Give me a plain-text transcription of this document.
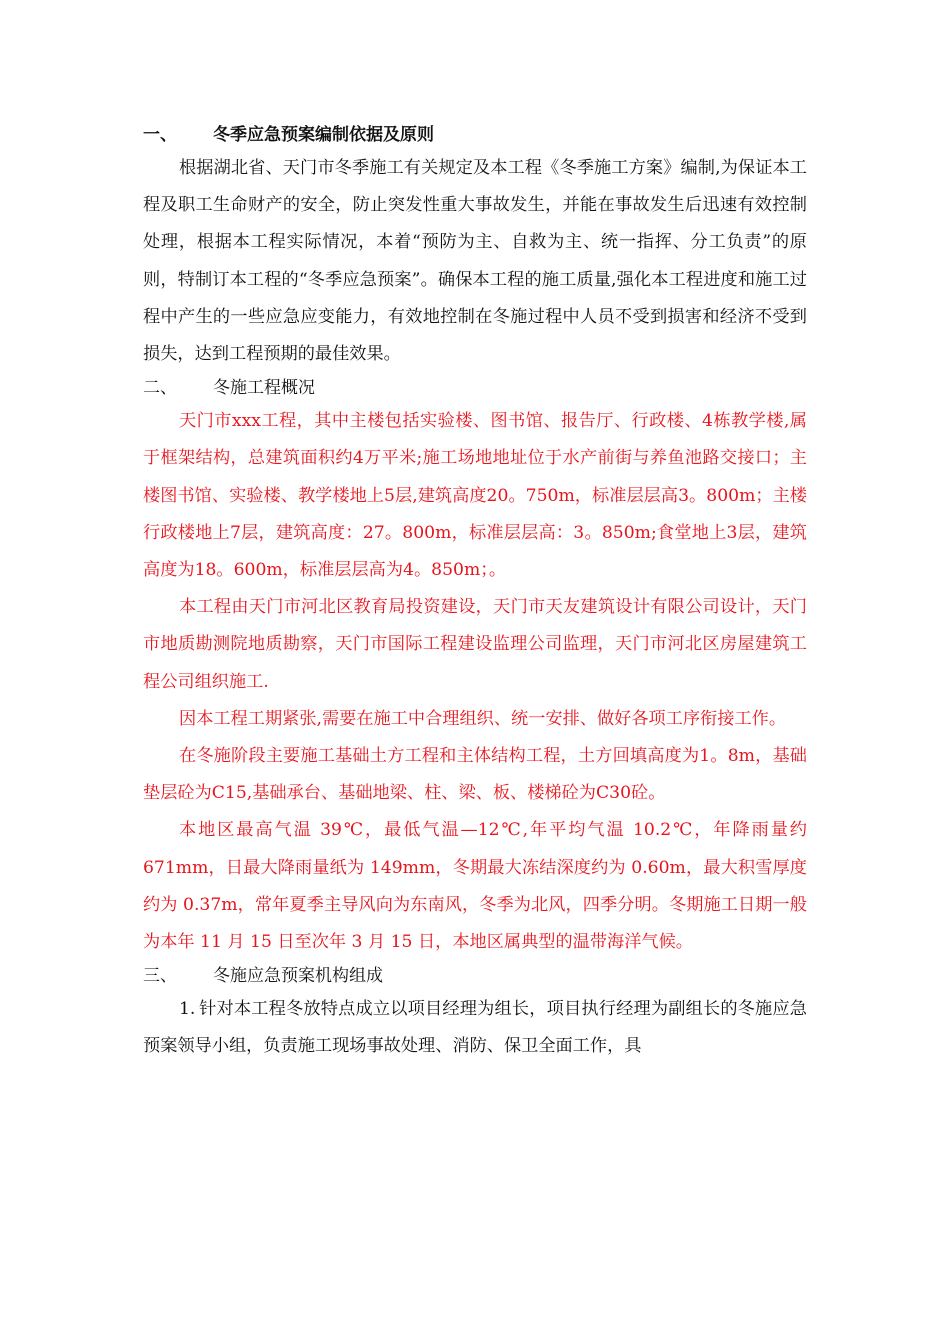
一、 冬季应急预案编制依据及原则

根据湖北省、天门市冬季施工有关规定及本工程《冬季施工方案》编制,为保证本工程及职工生命财产的安全，防止突发性重大事故发生，并能在事故发生后迅速有效控制处理，根据本工程实际情况，本着“预防为主、自救为主、统一指挥、分工负责”的原则，特制订本工程的“冬季应急预案”。确保本工程的施工质量,强化本工程进度和施工过程中产生的一些应急应变能力，有效地控制在冬施过程中人员不受到损害和经济不受到损失，达到工程预期的最佳效果。

二、 冬施工程概况

天门市xxx工程，其中主楼包括实验楼、图书馆、报告厅、行政楼、4栋教学楼,属于框架结构，总建筑面积约4万平米;施工场地地址位于水产前街与养鱼池路交接口；主楼图书馆、实验楼、教学楼地上5层,建筑高度20。750m，标准层层高3。800m；主楼行政楼地上7层，建筑高度：27。800m，标准层层高：3。850m;食堂地上3层，建筑高度为18。600m，标准层层高为4。850m；。

本工程由天门市河北区教育局投资建设，天门市天友建筑设计有限公司设计，天门市地质勘测院地质勘察，天门市国际工程建设监理公司监理，天门市河北区房屋建筑工程公司组织施工.

因本工程工期紧张,需要在施工中合理组织、统一安排、做好各项工序衔接工作。

在冬施阶段主要施工基础土方工程和主体结构工程，土方回填高度为1。8m，基础垫层砼为C15,基础承台、基础地梁、柱、梁、板、楼梯砼为C30砼。

本地区最高气温 39℃，最低气温—12℃,年平均气温 10.2℃，年降雨量约 671mm，日最大降雨量纸为 149mm，冬期最大冻结深度约为 0.60m，最大积雪厚度约为 0.37m，常年夏季主导风向为东南风，冬季为北风，四季分明。冬期施工日期一般为本年 11 月 15 日至次年 3 月 15 日，本地区属典型的温带海洋气候。

三、 冬施应急预案机构组成

1. 针对本工程冬放特点成立以项目经理为组长，项目执行经理为副组长的冬施应急预案领导小组，负责施工现场事故处理、消防、保卫全面工作，具
